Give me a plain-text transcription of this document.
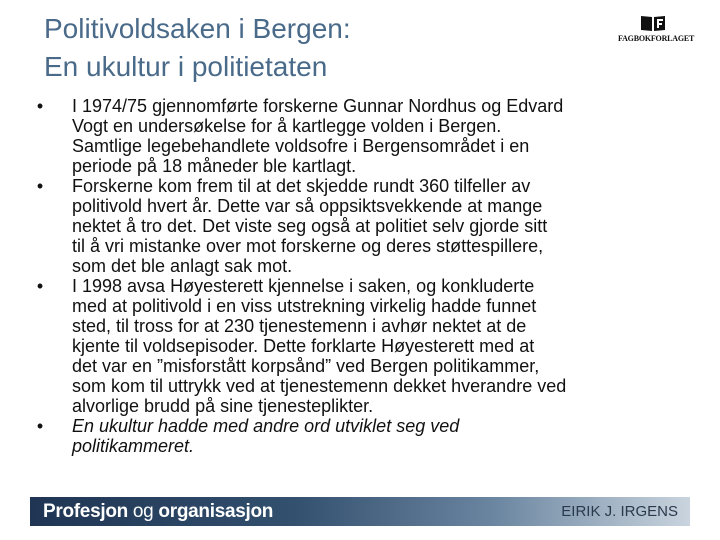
Politivoldsaken i Bergen:
En ukultur i politietaten
FAGBOKFORLAGET
•	I 1974/75 gjennomførte forskerne Gunnar Nordhus og Edvard
Vogt en undersøkelse for å kartlegge volden i Bergen.
Samtlige legebehandlete voldsofre i Bergensområdet i en
periode på 18 måneder ble kartlagt.
•	Forskerne kom frem til at det skjedde rundt 360 tilfeller av
politivold hvert år. Dette var så oppsiktsvekkende at mange
nektet å tro det. Det viste seg også at politiet selv gjorde sitt
til å vri mistanke over mot forskerne og deres støttespillere,
som det ble anlagt sak mot.
•	I 1998 avsa Høyesterett kjennelse i saken, og konkluderte
med at politivold i en viss utstrekning virkelig hadde funnet
sted, til tross for at 230 tjenestemenn i avhør nektet at de
kjente til voldsepisoder. Dette forklarte Høyesterett med at
det var en ”misforstått korpsånd” ved Bergen politikammer,
som kom til uttrykk ved at tjenestemenn dekket hverandre ved
alvorlige brudd på sine tjenesteplikter.
•	En ukultur hadde med andre ord utviklet seg ved
politikammeret.
Profesjon og organisasjon	EIRIK J. IRGENS
